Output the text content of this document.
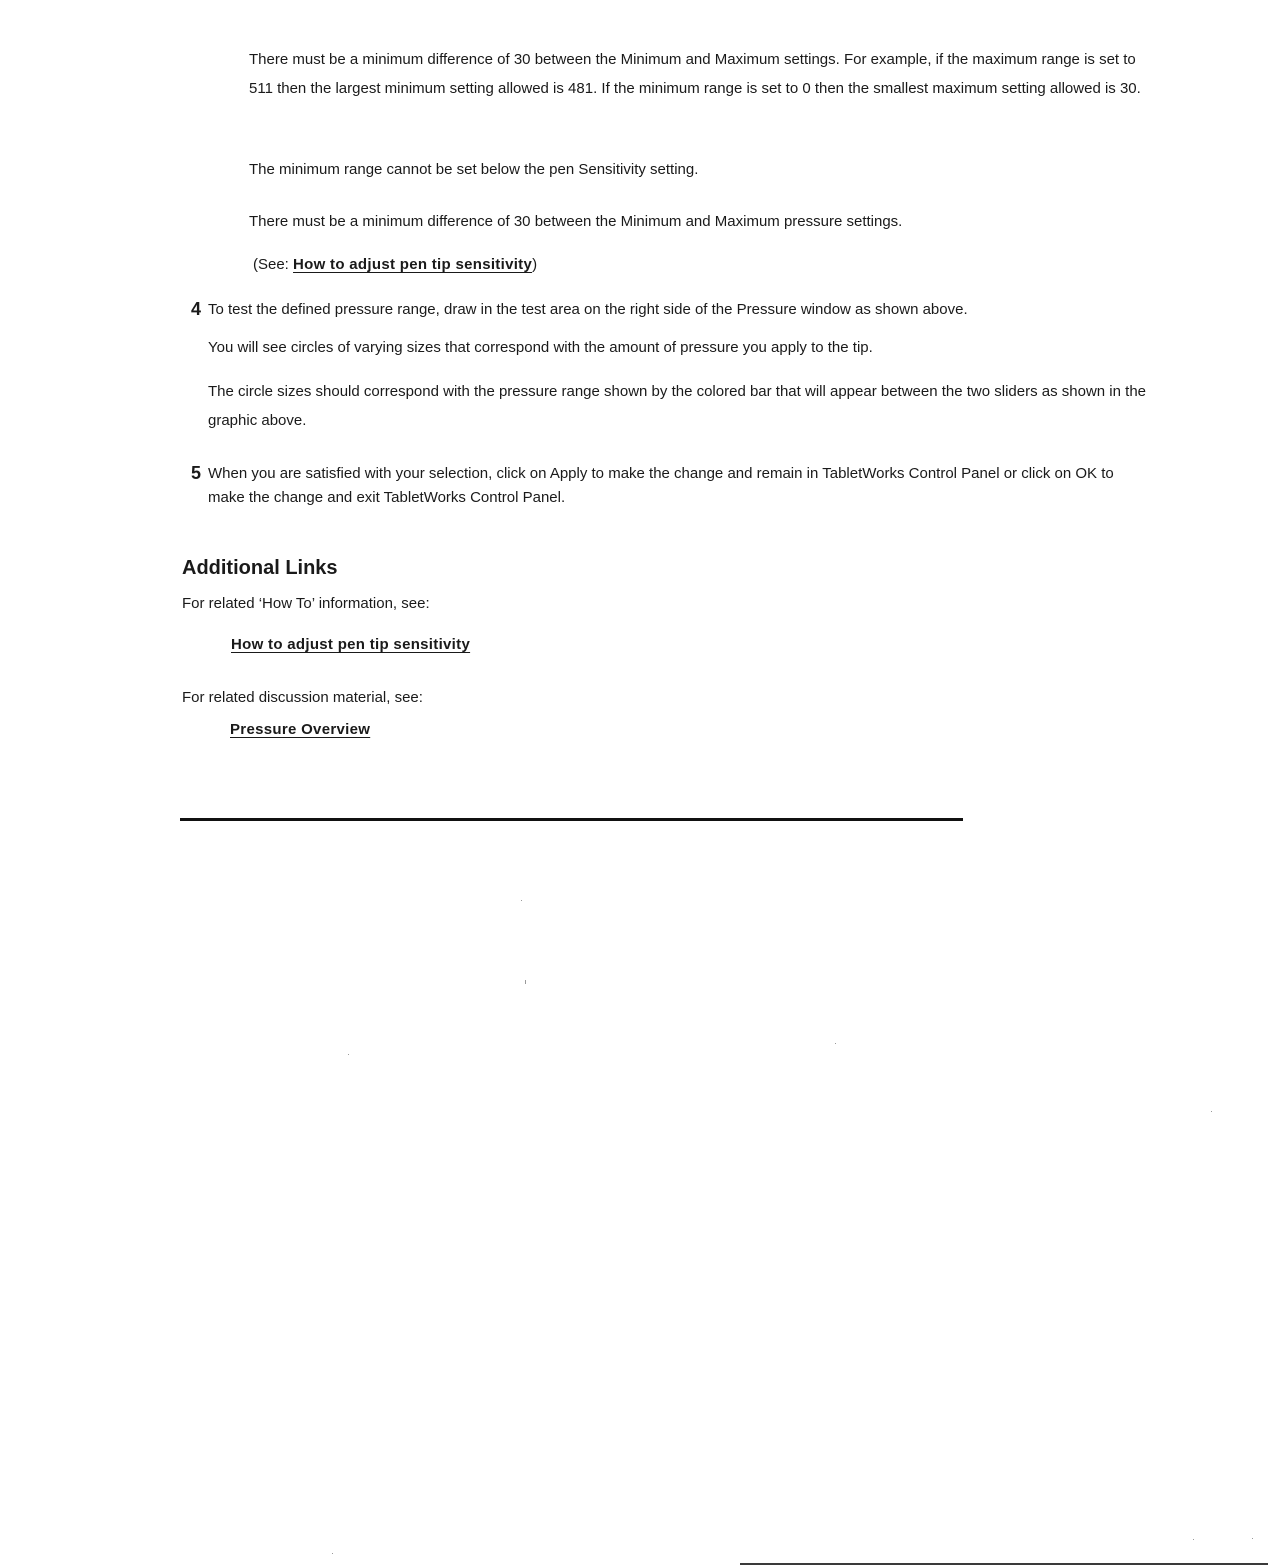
There must be a minimum difference of 30 between the Minimum and Maximum settings. For example, if the maximum range is set to 511 then the largest minimum setting allowed is 481. If the minimum range is set to 0 then the smallest maximum setting allowed is 30.

The minimum range cannot be set below the pen Sensitivity setting.

There must be a minimum difference of 30 between the Minimum and Maximum pressure settings.

(See: How to adjust pen tip sensitivity)

4 To test the defined pressure range, draw in the test area on the right side of the Pressure window as shown above.

You will see circles of varying sizes that correspond with the amount of pressure you apply to the tip.

The circle sizes should correspond with the pressure range shown by the colored bar that will appear between the two sliders as shown in the graphic above.

5 When you are satisfied with your selection, click on Apply to make the change and remain in TabletWorks Control Panel or click on OK to make the change and exit TabletWorks Control Panel.

Additional Links

For related ‘How To’ information, see:

How to adjust pen tip sensitivity

For related discussion material, see:

Pressure Overview
